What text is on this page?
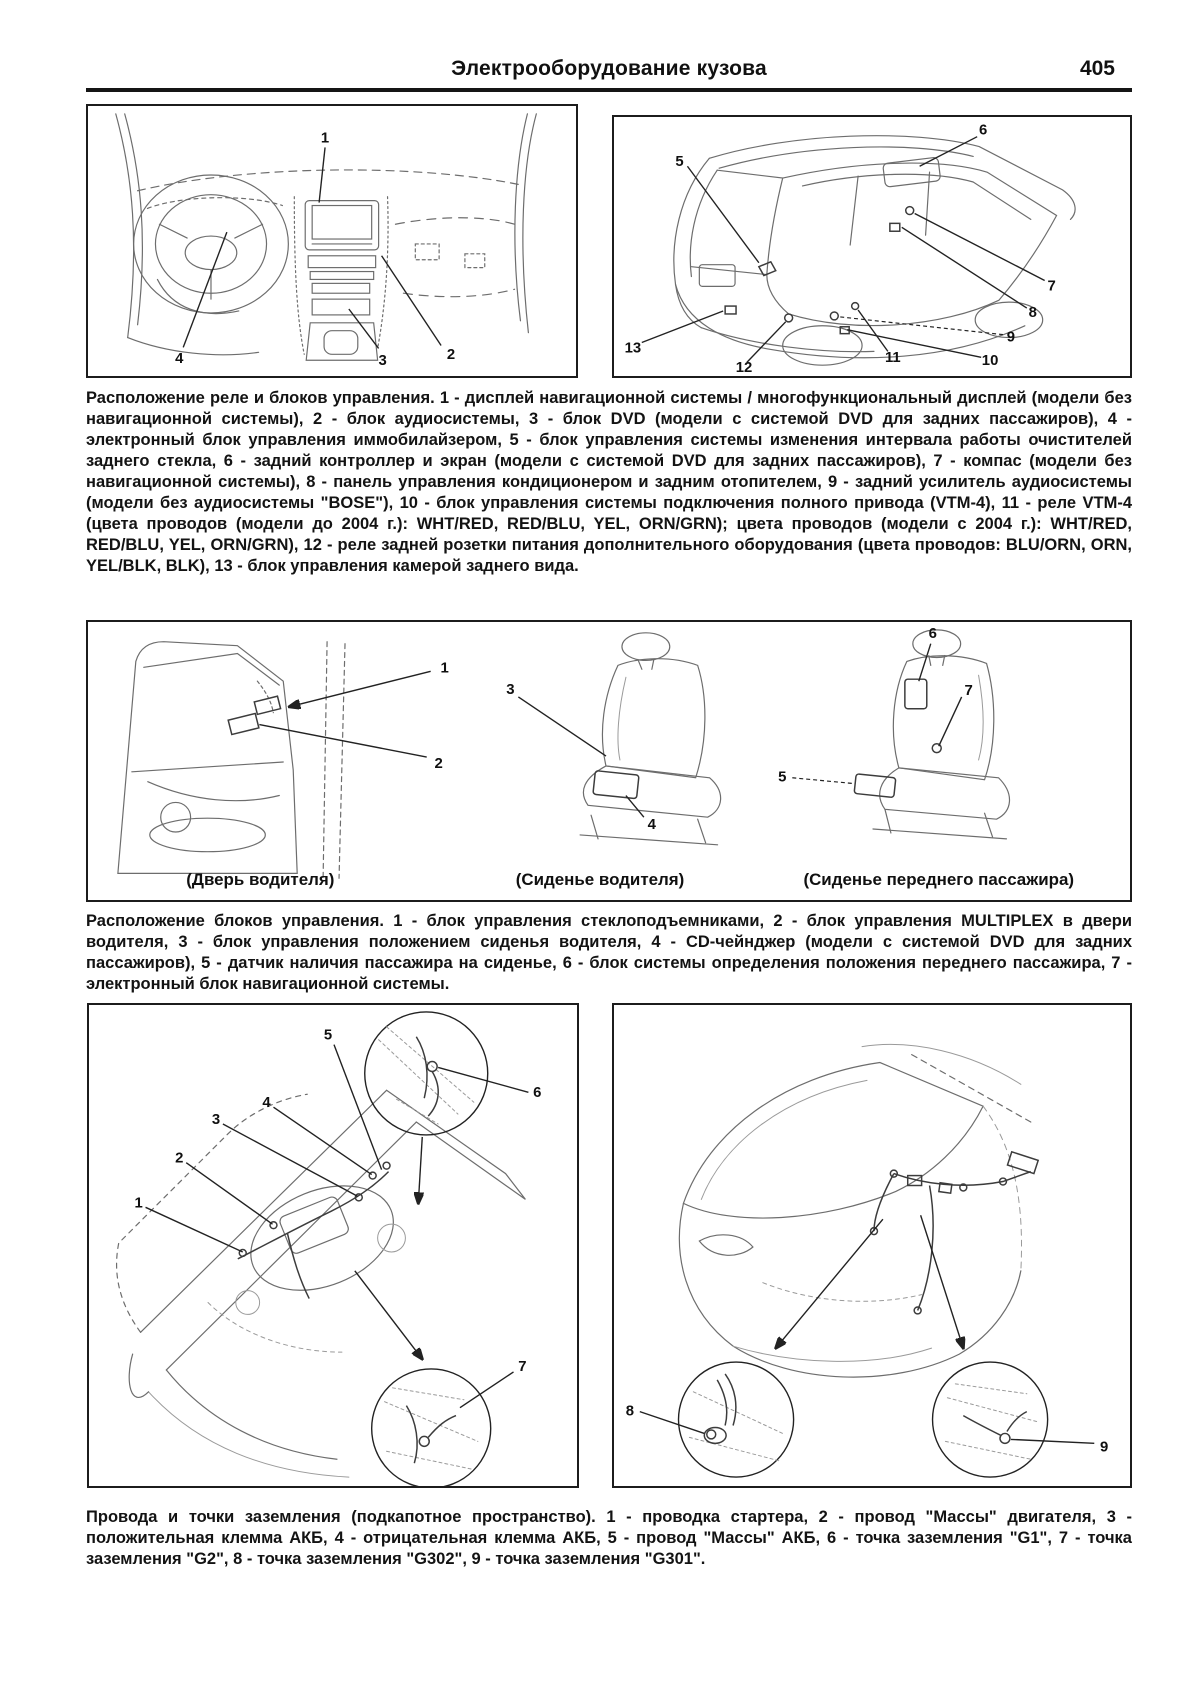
Электрооборудование кузова	405
1
2
3
4
5
6
7
8
9
10
11
12
13

Расположение реле и блоков управления. 1 - дисплей навигационной системы / многофункциональный дисплей (модели без навигационной системы), 2 - блок аудиосистемы, 3 - блок DVD (модели с системой DVD для задних пассажиров), 4 - электронный блок управления иммобилайзером, 5 - блок управления системы изменения интервала работы очистителей заднего стекла, 6 - задний контроллер и экран (модели с системой DVD для задних пассажиров), 7 - компас (модели без навигационной системы), 8 - панель управления кондиционером и задним отопителем, 9 - задний усилитель аудиосистемы (модели без аудиосистемы "BOSE"), 10 - блок управления системы подключения полного привода (VTM-4), 11 - реле VTM-4 (цвета проводов (модели до 2004 г.): WHT/RED, RED/BLU, YEL, ORN/GRN); цвета проводов (модели с 2004 г.): WHT/RED, RED/BLU, YEL, ORN/GRN), 12 - реле задней розетки питания дополнительного оборудования (цвета проводов: BLU/ORN, ORN, YEL/BLK, BLK), 13 - блок управления камерой заднего вида.

1
2
3
4
5
6
7
(Дверь водителя)	(Сиденье водителя)	(Сиденье переднего пассажира)

Расположение блоков управления. 1 - блок управления стеклоподъемниками, 2 - блок управления MULTIPLEX в двери водителя, 3 - блок управления положением сиденья водителя, 4 - CD-чейнджер (модели с системой DVD для задних пассажиров), 5 - датчик наличия пассажира на сиденье, 6 - блок системы определения положения переднего пассажира, 7 - электронный блок навигационной системы.

1
2
3
4
5
6
7
8
9

Провода и точки заземления (подкапотное пространство). 1 - проводка стартера, 2 - провод "Массы" двигателя, 3 - положительная клемма АКБ, 4 - отрицательная клемма АКБ, 5 - провод "Массы" АКБ, 6 - точка заземления "G1", 7 - точка заземления "G2", 8 - точка заземления "G302", 9 - точка заземления "G301".
